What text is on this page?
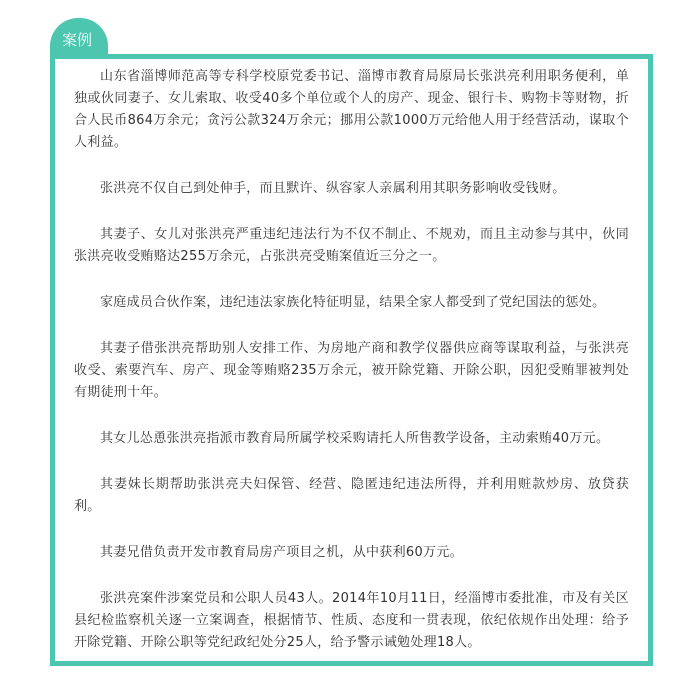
案例

山东省淄博师范高等专科学校原党委书记、淄博市教育局原局长张洪亮利用职务便利，单独或伙同妻子、女儿索取、收受40多个单位或个人的房产、现金、银行卡、购物卡等财物，折合人民币864万余元；贪污公款324万余元；挪用公款1000万元给他人用于经营活动，谋取个人利益。

张洪亮不仅自己到处伸手，而且默许、纵容家人亲属利用其职务影响收受钱财。

其妻子、女儿对张洪亮严重违纪违法行为不仅不制止、不规劝，而且主动参与其中，伙同张洪亮收受贿赂达255万余元，占张洪亮受贿案值近三分之一。

家庭成员合伙作案，违纪违法家族化特征明显，结果全家人都受到了党纪国法的惩处。

其妻子借张洪亮帮助别人安排工作、为房地产商和教学仪器供应商等谋取利益，与张洪亮收受、索要汽车、房产、现金等贿赂235万余元，被开除党籍、开除公职，因犯受贿罪被判处有期徒刑十年。

其女儿怂恿张洪亮指派市教育局所属学校采购请托人所售教学设备，主动索贿40万元。

其妻妹长期帮助张洪亮夫妇保管、经营、隐匿违纪违法所得，并利用赃款炒房、放贷获利。

其妻兄借负责开发市教育局房产项目之机，从中获利60万元。

张洪亮案件涉案党员和公职人员43人。2014年10月11日，经淄博市委批准，市及有关区县纪检监察机关逐一立案调查，根据情节、性质、态度和一贯表现，依纪依规作出处理：给予开除党籍、开除公职等党纪政纪处分25人，给予警示诫勉处理18人。
